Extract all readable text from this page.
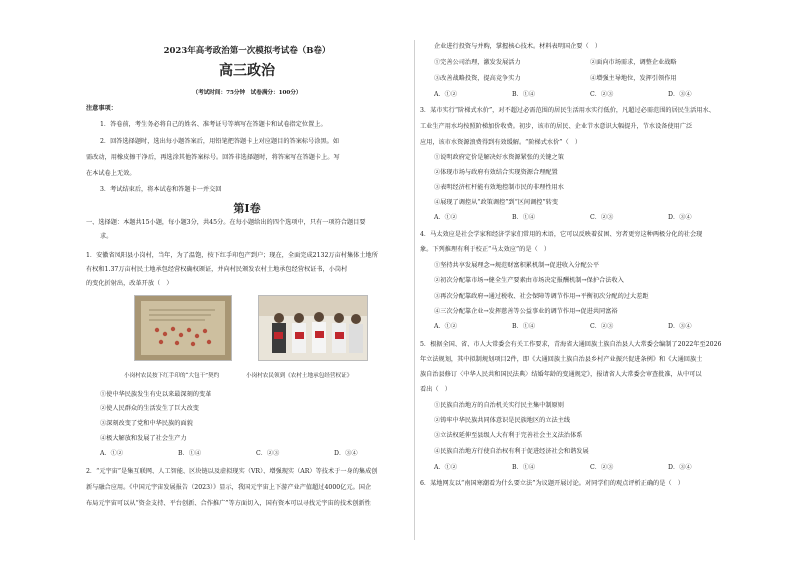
2023年高考政治第一次模拟考试卷（B卷）
高三政治
（考试时间：75分钟　试卷满分：100分）
注意事项：
1．答卷前，考生务必将自己的姓名、准考证号等填写在答题卡和试卷指定位置上。
2．回答选择题时，选出每小题答案后，用铅笔把答题卡上对应题目的答案标号涂黑。如
需改动，用橡皮擦干净后，再选涂其他答案标号。回答非选择题时，将答案写在答题卡上。写
在本试卷上无效。
3．考试结束后，将本试卷和答题卡一并交回
第Ⅰ卷
一、选择题：本题共15小题，每小题3分，共45分。在每小题给出的四个选项中，只有一项符合题目要
求。
1．安徽省凤阳县小岗村，当年，为了温饱，按下红手印包产到户；现在，全面完成2132万亩村集体土地所
有权和1.37万亩村民土地承包经营权确权颁证，并向村民颁发农村土地承包经营权证书，小岗村
的变化折射出，改革开放（　）
小岗村农民按下红手印的“大包干”契约	小岗村农民领到《农村土地承包经营权证》
①使中华民族发生有史以来最深刻的变革
②使人民群众的生活发生了巨大改变
③深刻改变了党和中华民族的面貌
④极大解放和发展了社会生产力
A．①②	B．①④	C．②③	D．③④
2．“元宇宙”是集互联网、人工智能、区块链以及虚拟现实（VR）、增强现实（AR）等技术于一身的集成创
新与融合应用。《中国元宇宙发展报告（2023）》显示，我国元宇宙上下游产业产值超过4000亿元。国企
布局元宇宙可以从“资金支持、平台创新、合作推广”等方面切入，国有资本可以寻找元宇宙的技术创新性
企业进行投资与并购，掌握核心技术。材料表明国企要（　）
①完善公司治理，激发发展活力	②面向市场需求，调整企业战略
③改善战略投资，提高竞争实力	④增强主导地位，发挥引领作用
A．①②	B．①④	C．②③	D．③④
3．某市实行“阶梯式水价”，对不超过必需范围的居民生活用水实行低价，凡超过必需范围的居民生活用水、
工业生产用水均按照阶梯加价收费。初步，该市的居民、企业节水意识大幅提升，节水设备使用广泛
应用，该市水资源浪费得到有效缓解。“阶梯式水价”（　）
①说明政府定价是解决好水资源紧张的关键之策
②体现市场与政府有效结合实现资源合理配置
③表明经济杠杆能有效地控制市民的非理性用水
④展现了调控从“政策调控”到“区间调控”转变
A．①②	B．①④	C．②③	D．③④
4．马太效应是社会学家和经济学家们常用的术语，它可以反映着贫困、穷者更穷这种两极分化的社会现
象。下列推理有利于校正“马太效应”的是（　）
①坚持共享发展理念→规范财富积累机制→促进收入分配公平
②初次分配靠市场→健全生产要素由市场决定报酬机制→保护合法收入
③再次分配靠政府→通过税收、社会保障等调节作用→平衡初次分配的过大差距
④三次分配靠企业→发挥慈善等公益事业的调节作用→促进共同富裕
A．①②	B．①④	C．②③	D．③④
5．根据全国、省、市人大常委会有关工作要求，青海省大通回族土族自治县人大常委会编制了2022年至2026
年立法规划，其中拟制规划项目2件，即《大通回族土族自治县乡村产业振兴促进条例》和《大通回族土
族自治县修订〈中华人民共和国民法典〉结婚年龄的变通规定》，报请省人大常委会审查批准，从中可以
看出（　）
①民族自治地方的自治机关实行民主集中制原则
②铸牢中华民族共同体意识是民族地区的立法主线
③立法权延伸至县级人大有利于完善社会主义法治体系
④民族自治地方行使自治权有利于促进经济社会和谐发展
A．①②	B．①④	C．②③	D．③④
6．某地网友以“南国寒潮看为什么要立法”为议题开展讨论。对同学们的观点评析正确的是（　）
